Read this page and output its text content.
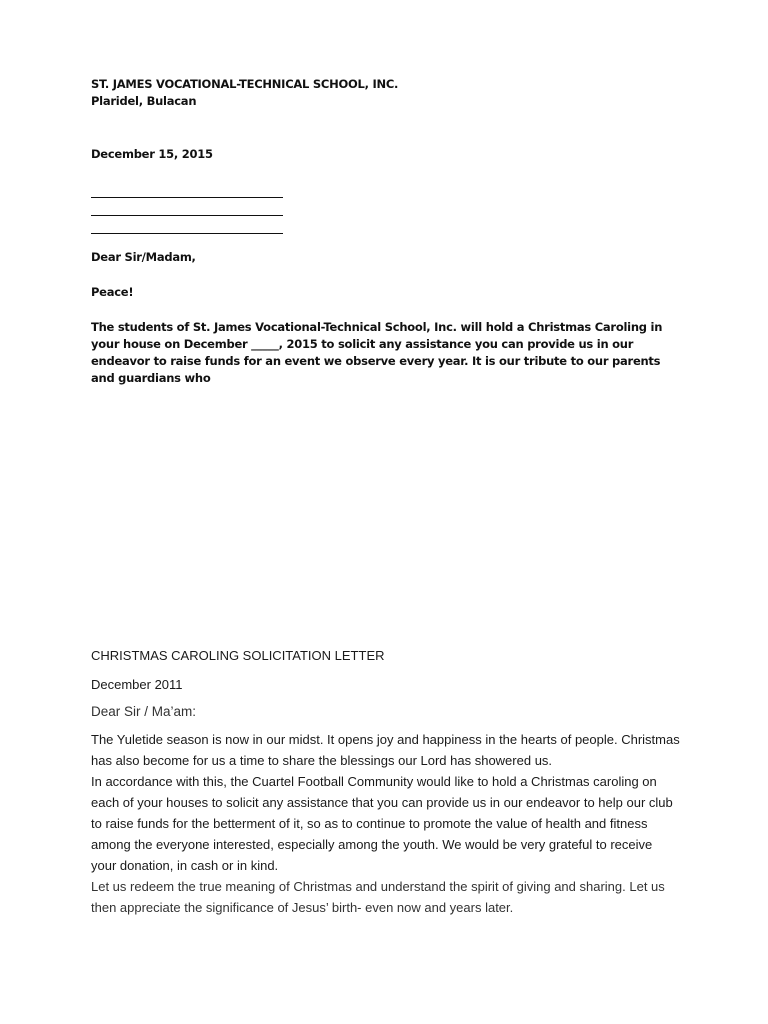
ST. JAMES VOCATIONAL-TECHNICAL SCHOOL, INC.

Plaridel, Bulacan

December 15, 2015

Dear Sir/Madam,

Peace!

The students of St. James Vocational-Technical School, Inc. will hold a Christmas Caroling in your house on December _____, 2015 to solicit any assistance you can provide us in our endeavor to raise funds for an event we observe every year. It is our tribute to our parents and guardians who

CHRISTMAS CAROLING SOLICITATION LETTER

December 2011

Dear Sir / Ma’am:

The Yuletide season is now in our midst. It opens joy and happiness in the hearts of people. Christmas has also become for us a time to share the blessings our Lord has showered us.

In accordance with this, the Cuartel Football Community would like to hold a Christmas caroling on each of your houses to solicit any assistance that you can provide us in our endeavor to help our club to raise funds for the betterment of it, so as to continue to promote the value of health and fitness among the everyone interested, especially among the youth. We would be very grateful to receive your donation, in cash or in kind.

Let us redeem the true meaning of Christmas and understand the spirit of giving and sharing. Let us then appreciate the significance of Jesus’ birth- even now and years later.
